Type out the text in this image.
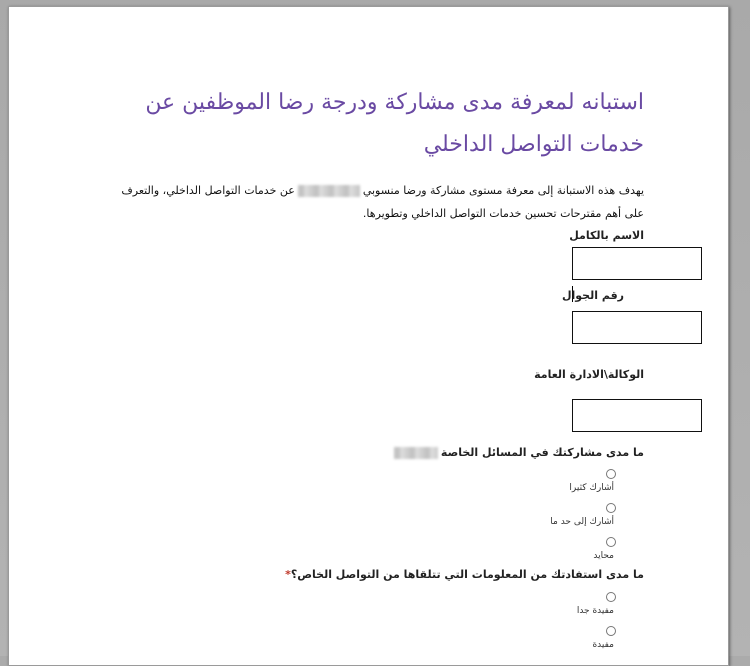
استبانه لمعرفة مدى مشاركة ودرجة رضا الموظفين عن
خدمات التواصل الداخلي
يهدف هذه الاستبانة إلى معرفة مستوى مشاركة ورضا منسوبيعن خدمات التواصل الداخلي، والتعرف
على أهم مقترحات تحسين خدمات التواصل الداخلي وتطويرها.
الاسم بالكامل
رقم الجوال
الوكالة\الادارة العامة
ما مدى مشاركتك في المسائل الخاصة
أشارك كثيرا
أشارك إلى حد ما
محايد
ما مدى استفادتك من المعلومات التي تتلقاها من التواصل الخاص؟*
مفيدة جدا
مفيدة
